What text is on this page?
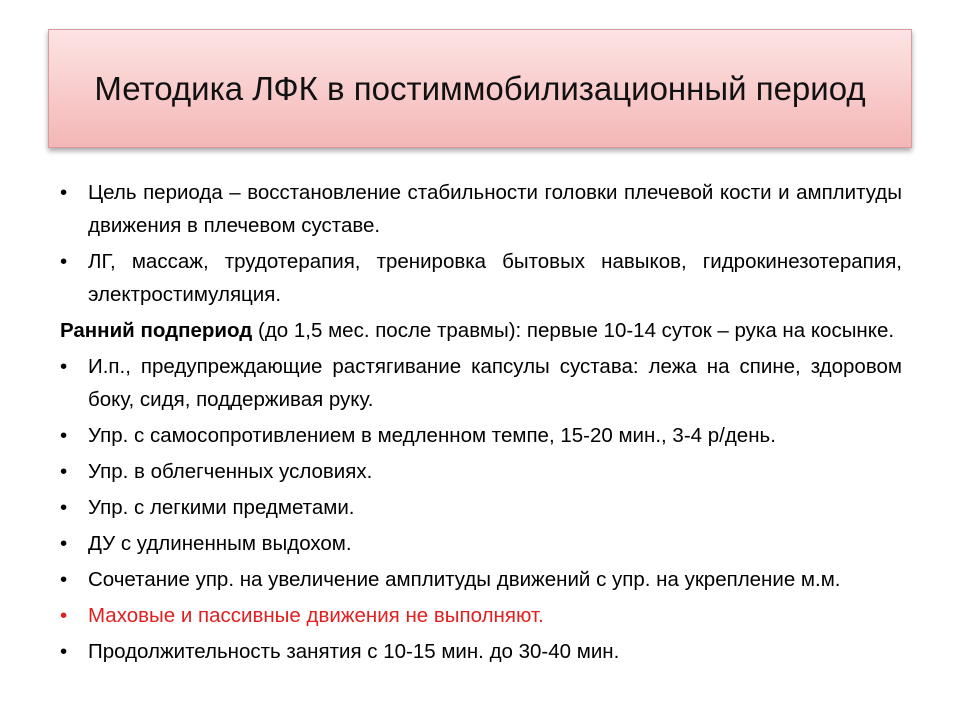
Методика ЛФК в постиммобилизационный период
•	Цель периода – восстановление стабильности головки плечевой кости и амплитуды движения в плечевом суставе.
•	ЛГ, массаж, трудотерапия, тренировка бытовых навыков, гидрокинезотерапия, электростимуляция.
Ранний подпериод (до 1,5 мес. после травмы): первые 10-14 суток – рука на косынке.
•	И.п., предупреждающие растягивание капсулы сустава: лежа на спине, здоровом боку, сидя, поддерживая руку.
•	Упр. с самосопротивлением в медленном темпе, 15-20 мин., 3-4 р/день.
•	Упр. в облегченных условиях.
•	Упр. с легкими предметами.
•	ДУ с удлиненным выдохом.
•	Сочетание упр. на увеличение амплитуды движений с упр. на укрепление м.м.
•	Маховые и пассивные движения не выполняют.
•	Продолжительность занятия с 10-15 мин. до 30-40 мин.
